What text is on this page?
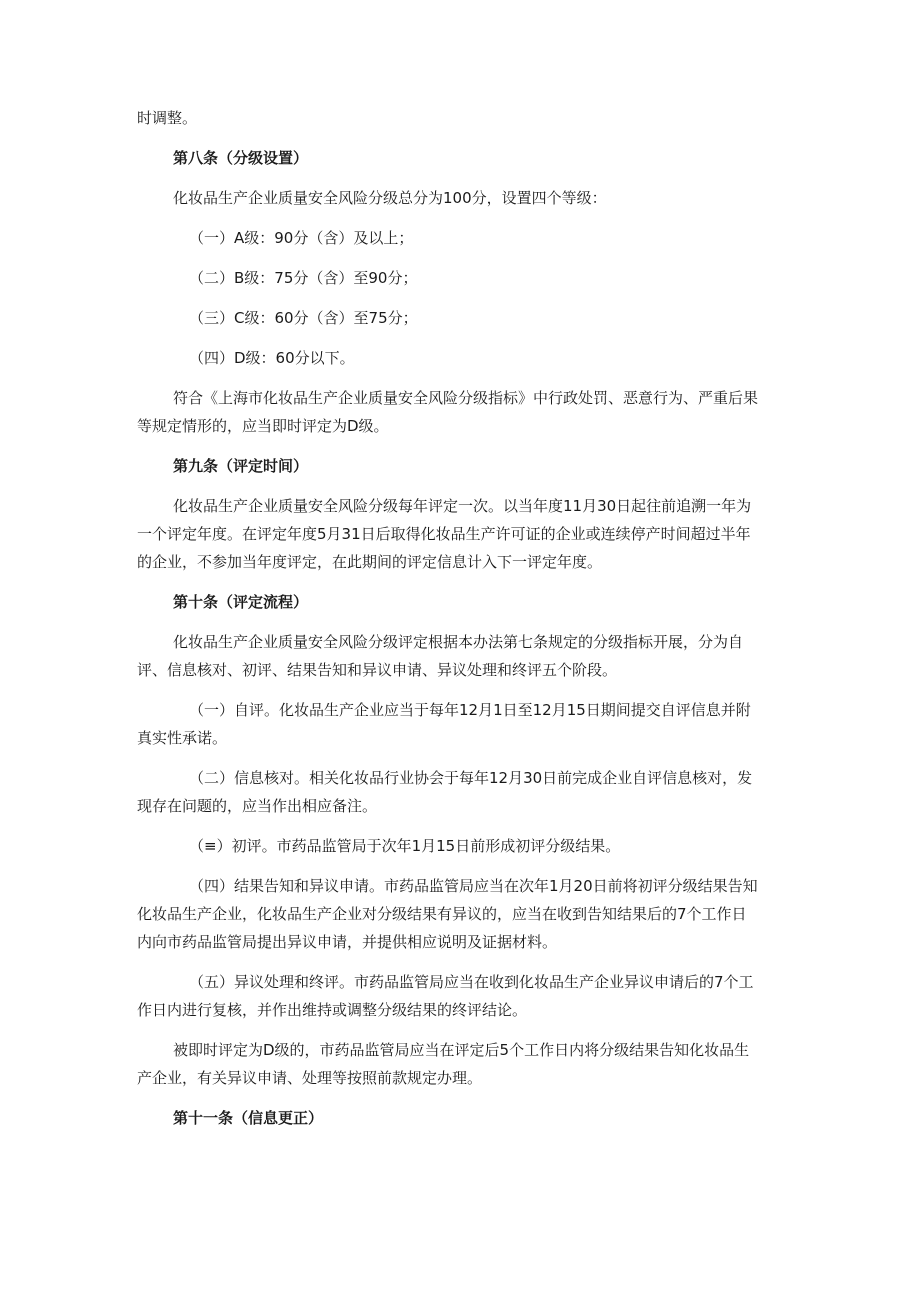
时调整。

第八条（分级设置）

化妆品生产企业质量安全风险分级总分为100分，设置四个等级：

（一）A级：90分（含）及以上；

（二）B级：75分（含）至90分；

（三）C级：60分（含）至75分；

（四）D级：60分以下。

符合《上海市化妆品生产企业质量安全风险分级指标》中行政处罚、恶意行为、严重后果

等规定情形的，应当即时评定为D级。

第九条（评定时间）

化妆品生产企业质量安全风险分级每年评定一次。以当年度11月30日起往前追溯一年为

一个评定年度。在评定年度5月31日后取得化妆品生产许可证的企业或连续停产时间超过半年

的企业，不参加当年度评定，在此期间的评定信息计入下一评定年度。

第十条（评定流程）

化妆品生产企业质量安全风险分级评定根据本办法第七条规定的分级指标开展，分为自

评、信息核对、初评、结果告知和异议申请、异议处理和终评五个阶段。

（一）自评。化妆品生产企业应当于每年12月1日至12月15日期间提交自评信息并附

真实性承诺。

（二）信息核对。相关化妆品行业协会于每年12月30日前完成企业自评信息核对，发

现存在问题的，应当作出相应备注。

（≡）初评。市药品监管局于次年1月15日前形成初评分级结果。

（四）结果告知和异议申请。市药品监管局应当在次年1月20日前将初评分级结果告知

化妆品生产企业，化妆品生产企业对分级结果有异议的，应当在收到告知结果后的7个工作日

内向市药品监管局提出异议申请，并提供相应说明及证据材料。

（五）异议处理和终评。市药品监管局应当在收到化妆品生产企业异议申请后的7个工

作日内进行复核，并作出维持或调整分级结果的终评结论。

被即时评定为D级的，市药品监管局应当在评定后5个工作日内将分级结果告知化妆品生

产企业，有关异议申请、处理等按照前款规定办理。

第十一条（信息更正）
